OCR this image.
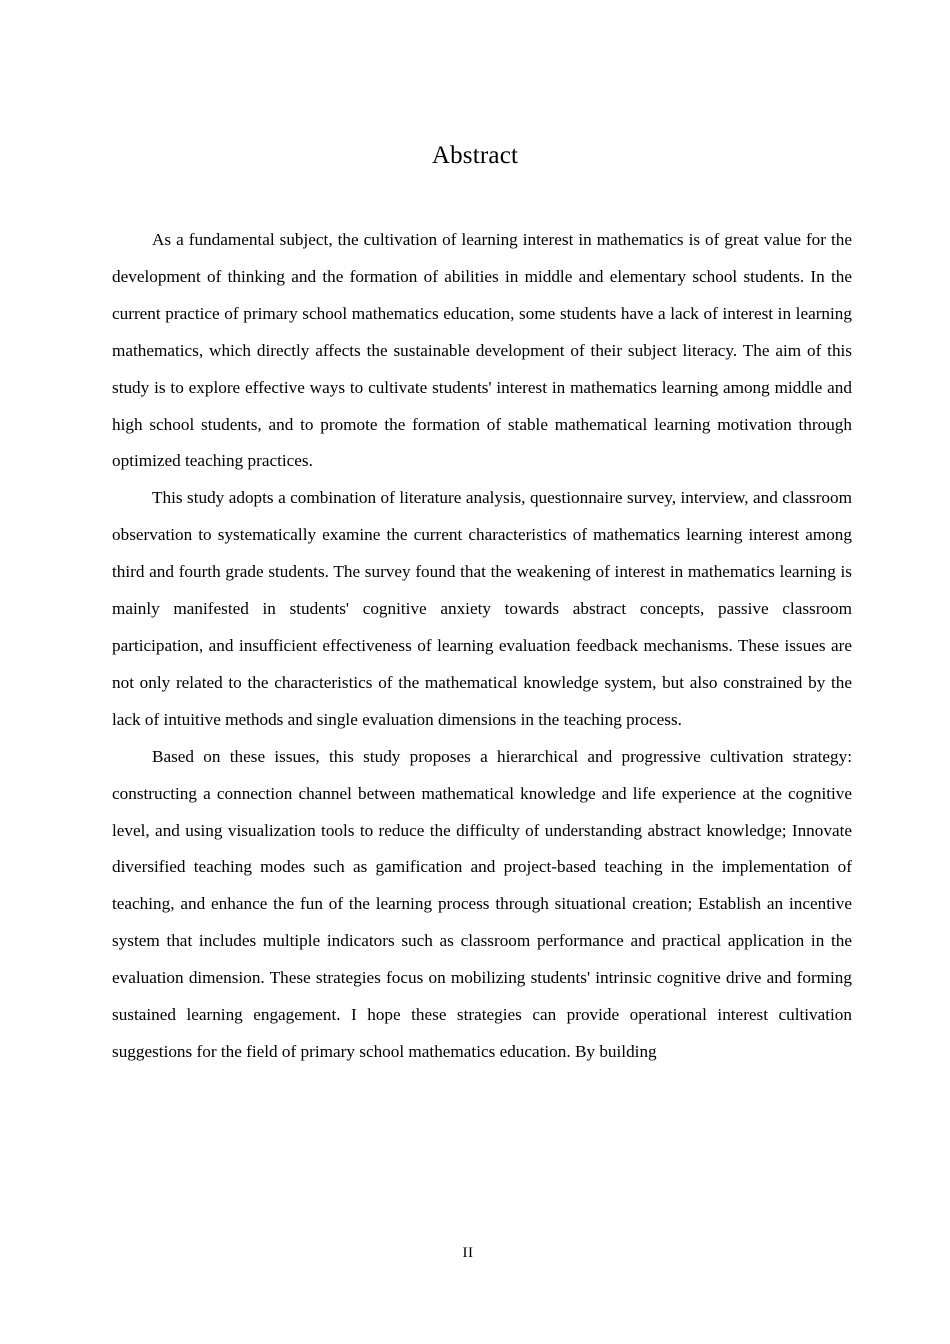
Abstract

As a fundamental subject, the cultivation of learning interest in mathematics is of great value for the development of thinking and the formation of abilities in middle and elementary school students. In the current practice of primary school mathematics education, some students have a lack of interest in learning mathematics, which directly affects the sustainable development of their subject literacy. The aim of this study is to explore effective ways to cultivate students' interest in mathematics learning among middle and high school students, and to promote the formation of stable mathematical learning motivation through optimized teaching practices.

This study adopts a combination of literature analysis, questionnaire survey, interview, and classroom observation to systematically examine the current characteristics of mathematics learning interest among third and fourth grade students. The survey found that the weakening of interest in mathematics learning is mainly manifested in students' cognitive anxiety towards abstract concepts, passive classroom participation, and insufficient effectiveness of learning evaluation feedback mechanisms. These issues are not only related to the characteristics of the mathematical knowledge system, but also constrained by the lack of intuitive methods and single evaluation dimensions in the teaching process.

Based on these issues, this study proposes a hierarchical and progressive cultivation strategy: constructing a connection channel between mathematical knowledge and life experience at the cognitive level, and using visualization tools to reduce the difficulty of understanding abstract knowledge; Innovate diversified teaching modes such as gamification and project-based teaching in the implementation of teaching, and enhance the fun of the learning process through situational creation; Establish an incentive system that includes multiple indicators such as classroom performance and practical application in the evaluation dimension. These strategies focus on mobilizing students' intrinsic cognitive drive and forming sustained learning engagement. I hope these strategies can provide operational interest cultivation suggestions for the field of primary school mathematics education. By building

II
